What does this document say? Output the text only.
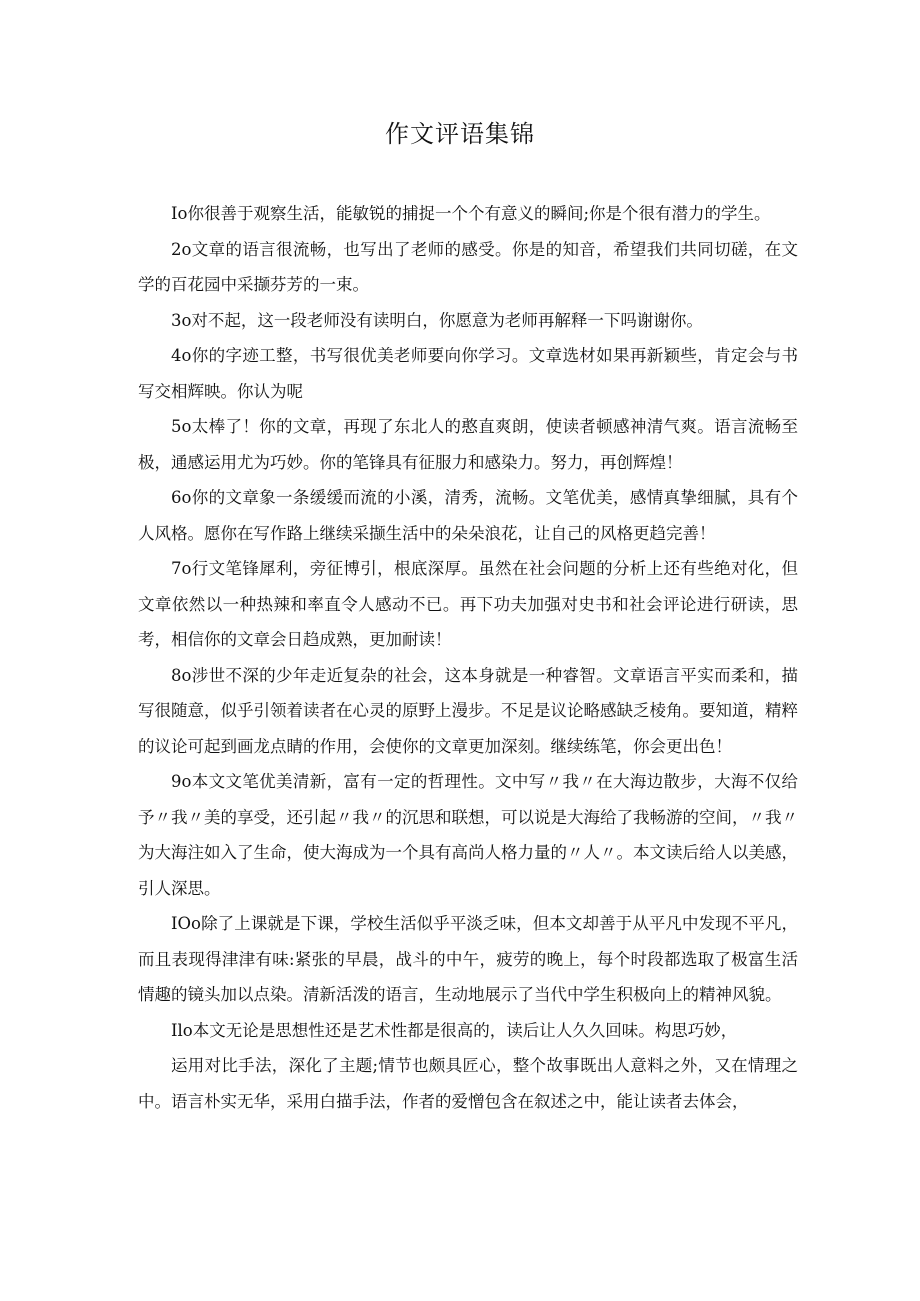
作文评语集锦

Io你很善于观察生活，能敏锐的捕捉一个个有意义的瞬间;你是个很有潜力的学生。

2o文章的语言很流畅，也写出了老师的感受。你是的知音，希望我们共同切磋，在文学的百花园中采撷芬芳的一束。

3o对不起，这一段老师没有读明白，你愿意为老师再解释一下吗谢谢你。

4o你的字迹工整，书写很优美老师要向你学习。文章选材如果再新颖些，肯定会与书写交相辉映。你认为呢

5o太棒了！你的文章，再现了东北人的憨直爽朗，使读者顿感神清气爽。语言流畅至极，通感运用尤为巧妙。你的笔锋具有征服力和感染力。努力，再创辉煌！

6o你的文章象一条缓缓而流的小溪，清秀，流畅。文笔优美，感情真挚细腻，具有个人风格。愿你在写作路上继续采撷生活中的朵朵浪花，让自己的风格更趋完善！

7o行文笔锋犀利，旁征博引，根底深厚。虽然在社会问题的分析上还有些绝对化，但文章依然以一种热辣和率直令人感动不已。再下功夫加强对史书和社会评论进行研读，思考，相信你的文章会日趋成熟，更加耐读！

8o涉世不深的少年走近复杂的社会，这本身就是一种睿智。文章语言平实而柔和，描写很随意，似乎引领着读者在心灵的原野上漫步。不足是议论略感缺乏棱角。要知道，精粹的议论可起到画龙点睛的作用，会使你的文章更加深刻。继续练笔，你会更出色！

9o本文文笔优美清新，富有一定的哲理性。文中写〃我〃在大海边散步，大海不仅给予〃我〃美的享受，还引起〃我〃的沉思和联想，可以说是大海给了我畅游的空间，〃我〃为大海注如入了生命，使大海成为一个具有高尚人格力量的〃人〃。本文读后给人以美感，引人深思。

IOo除了上课就是下课，学校生活似乎平淡乏味，但本文却善于从平凡中发现不平凡，而且表现得津津有味:紧张的早晨，战斗的中午，疲劳的晚上，每个时段都选取了极富生活情趣的镜头加以点染。清新活泼的语言，生动地展示了当代中学生积极向上的精神风貌。

Ilo本文无论是思想性还是艺术性都是很高的，读后让人久久回味。构思巧妙，

运用对比手法，深化了主题;情节也颇具匠心，整个故事既出人意料之外，又在情理之中。语言朴实无华，采用白描手法，作者的爱憎包含在叙述之中，能让读者去体会，
